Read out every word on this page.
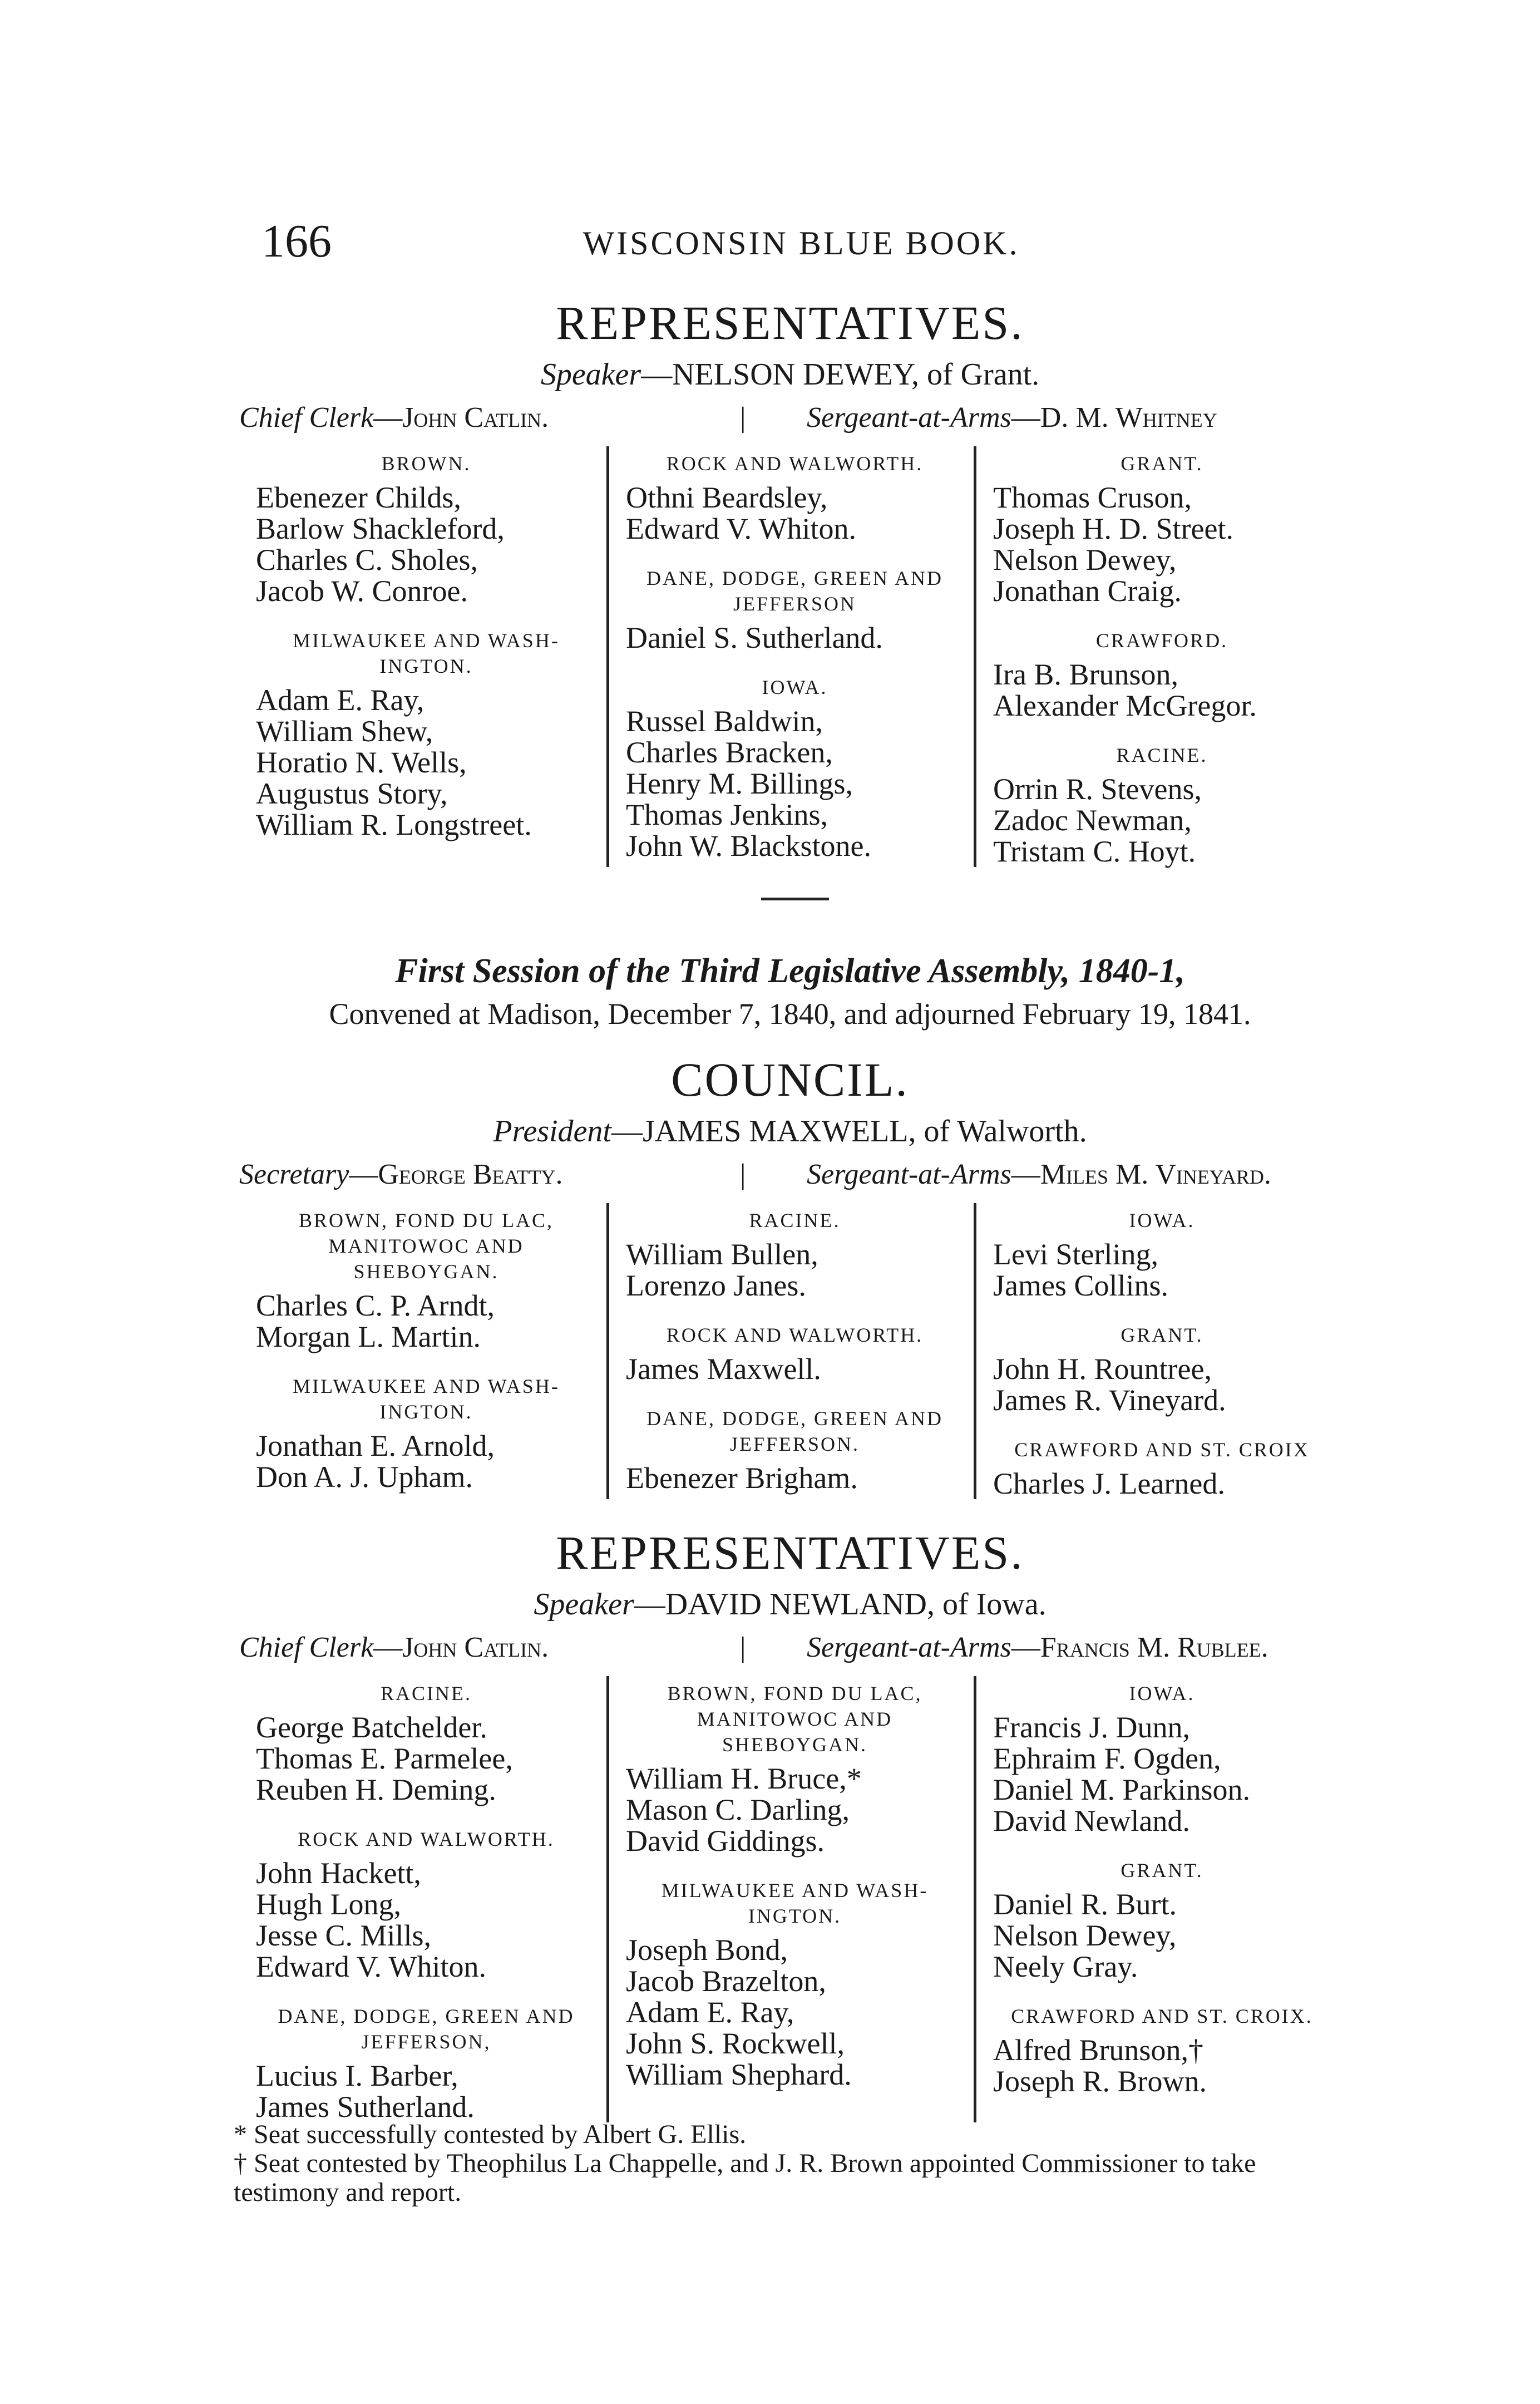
166	WISCONSIN BLUE BOOK.
REPRESENTATIVES.
Speaker—NELSON DEWEY, of Grant.
Chief Clerk—John Catlin.	| Sergeant-at-Arms—D. M. Whitney
BROWN.
Ebenezer Childs,
Barlow Shackleford,
Charles C. Sholes,
Jacob W. Conroe.
MILWAUKEE AND WASH-INGTON.
Adam E. Ray,
William Shew,
Horatio N. Wells,
Augustus Story,
William R. Longstreet.
ROCK AND WALWORTH.
Othni Beardsley,
Edward V. Whiton.
DANE, DODGE, GREEN AND JEFFERSON
Daniel S. Sutherland.
IOWA.
Russel Baldwin,
Charles Bracken,
Henry M. Billings,
Thomas Jenkins,
John W. Blackstone.
GRANT.
Thomas Cruson,
Joseph H. D. Street.
Nelson Dewey,
Jonathan Craig.
CRAWFORD.
Ira B. Brunson,
Alexander McGregor.
RACINE.
Orrin R. Stevens,
Zadoc Newman,
Tristam C. Hoyt.
First Session of the Third Legislative Assembly, 1840-1,
Convened at Madison, December 7, 1840, and adjourned February 19, 1841.
COUNCIL.
President—JAMES MAXWELL, of Walworth.
Secretary—George Beatty.	| Sergeant-at-Arms—Miles M. Vineyard.
BROWN, FOND DU LAC, MANITOWOC AND SHEBOYGAN.
Charles C. P. Arndt,
Morgan L. Martin.
MILWAUKEE AND WASH-INGTON.
Jonathan E. Arnold,
Don A. J. Upham.
RACINE.
William Bullen,
Lorenzo Janes.
ROCK AND WALWORTH.
James Maxwell.
DANE, DODGE, GREEN AND JEFFERSON.
Ebenezer Brigham.
IOWA.
Levi Sterling,
James Collins.
GRANT.
John H. Rountree,
James R. Vineyard.
CRAWFORD AND ST. CROIX
Charles J. Learned.
REPRESENTATIVES.
Speaker—DAVID NEWLAND, of Iowa.
Chief Clerk—John Catlin.	| Sergeant-at-Arms—Francis M. Rublee.
RACINE.
George Batchelder.
Thomas E. Parmelee,
Reuben H. Deming.
ROCK AND WALWORTH.
John Hackett,
Hugh Long,
Jesse C. Mills,
Edward V. Whiton.
DANE, DODGE, GREEN AND JEFFERSON,
Lucius I. Barber,
James Sutherland.
BROWN, FOND DU LAC, MANITOWOC AND SHEBOYGAN.
William H. Bruce,*
Mason C. Darling,
David Giddings.
MILWAUKEE AND WASH-INGTON.
Joseph Bond,
Jacob Brazelton,
Adam E. Ray,
John S. Rockwell,
William Shephard.
IOWA.
Francis J. Dunn,
Ephraim F. Ogden,
Daniel M. Parkinson.
David Newland.
GRANT.
Daniel R. Burt.
Nelson Dewey,
Neely Gray.
CRAWFORD AND ST. CROIX.
Alfred Brunson,†
Joseph R. Brown.
* Seat successfully contested by Albert G. Ellis.
† Seat contested by Theophilus La Chappelle, and J. R. Brown appointed Commissioner to take testimony and report.
